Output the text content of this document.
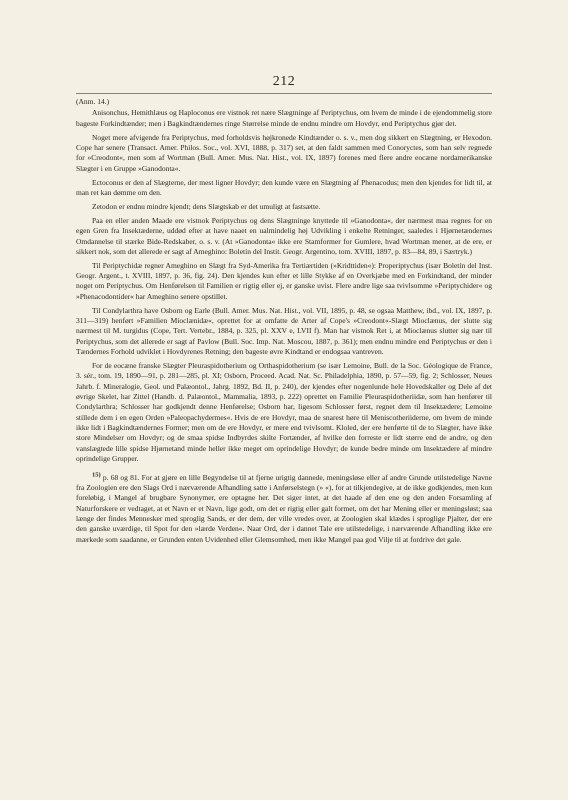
212

(Anm. 14.)

Anisonchus, Hemithlæus og Haploconus ere vistnok ret nære Slægtninge af Periptychus, om hvem de minde i de ejendommelig store bageste Forkindtænder; men i Bagkindtændernes ringe Størrelse minde de endnu mindre om Hovdyr, end Periptychus gjør det.

Noget mere afvigende fra Periptychus, med forholdsvis højkronede Kindtænder o. s. v., men dog sikkert en Slægtning, er Hexodon. Cope har senere (Transact. Amer. Philos. Soc., vol. XVI, 1888, p. 317) set, at den faldt sammen med Conoryctes, som han selv regnede for »Creodont«, men som af Wortman (Bull. Amer. Mus. Nat. Hist., vol. IX, 1897) forenes med flere andre eocæne nordamerikanske Slægter i en Gruppe »Ganodonta«.

Ectoconus er den af Slægterne, der mest ligner Hovdyr; den kunde være en Slægtning af Phenacodus; men den kjendes for lidt til, at man ret kan dømme om den.

Zetodon er endnu mindre kjendt; dens Slægtskab er det umuligt at fastsætte.

Paa en eller anden Maade ere vistnok Periptychus og dens Slægtninge knyttede til »Ganodonta«, der nærmest maa regnes for en egen Gren fra Insektæderne, uddød efter at have naaet en ualmindelig høj Udvikling i enkelte Retninger, saaledes i Hjørnetændernes Omdannelse til stærke Bide-Redskaber, o. s. v. (At »Ganodonta« ikke ere Stamformer for Gumlere, hvad Wortman mener, at de ere, er sikkert nok, som det allerede er sagt af Ameghino: Boletín del Instit. Geogr. Argentino, tom. XVIII, 1897, p. 83—84, 89, i Særtryk.)

Til Periptychidæ regner Ameghino en Slægt fra Syd-Amerika fra Tertiærtiden (»Kridttiden«): Properiptychus (især Boletín del Inst. Geogr. Argent., t. XVIII, 1897, p. 36, fig. 24). Den kjendes kun efter et lille Stykke af en Overkjæbe med en Forkindtand, der minder noget om Periptychus. Om Henførelsen til Familien er rigtig eller ej, er ganske uvist. Flere andre lige saa tvivlsomme »Periptychider« og »Phenacodontider« har Ameghino senere opstillet.

Til Condylarthra have Osborn og Earle (Bull. Amer. Mus. Nat. Hist., vol. VII, 1895, p. 48, se ogsaa Matthew, ibd., vol. IX, 1897, p. 311—319) henført »Familien Mioclænidæ«, oprettet for at omfatte de Arter af Cope's »Creodont«-Slægt Mioclænus, der slutte sig nærmest til M. turgidus (Cope, Tert. Vertebr., 1884, p. 325, pl. XXV e, LVII f). Man har vistnok Ret i, at Mioclænus slutter sig nær til Periptychus, som det allerede er sagt af Pavlow (Bull. Soc. Imp. Nat. Moscou, 1887, p. 361); men endnu mindre end Periptychus er den i Tændernes Forhold udviklet i Hovdyrenes Retning; den bageste øvre Kindtand er endogsaa vantreven.

For de eocæne franske Slægter Pleuraspidotherium og Orthaspidotherium (se især Lemoine, Bull. de la Soc. Géologique de France, 3. sér., tom. 19, 1890—91, p. 281—285, pl. XI; Osborn, Proceed. Acad. Nat. Sc. Philadelphia, 1890, p. 57—59, fig. 2; Schlosser, Neues Jahrb. f. Mineralogie, Geol. und Palæontol., Jahrg. 1892, Bd. II, p. 240), der kjendes efter nogenlunde hele Hovedskaller og Dele af det øvrige Skelet, har Zittel (Handb. d. Palæontol., Mammalia, 1893, p. 222) oprettet en Familie Pleuraspidotheriidæ, som han henfører til Condylarthra; Schlosser har godkjendt denne Henførelse; Osborn har, ligesom Schlosser først, regnet dem til Insektædere; Lemoine stillede dem i en egen Orden »Paleopachydermes«. Hvis de ere Hovdyr, maa de snarest høre til Meniscotheriiderne, om hvem de minde ikke lidt i Bagkindtændernes Former; men om de ere Hovdyr, er mere end tvivlsomt. Kloled, der ere henførte til de to Slægter, have ikke store Mindelser om Hovdyr; og de smaa spidse Indbyrdes skilte Fortænder, af hvilke den forreste er lidt større end de andre, og den vanslægtede lille spidse Hjørnetand minde heller ikke meget om oprindelige Hovdyr; de kunde bedre minde om Insektædere af mindre oprindelige Grupper.

15) p. 68 og 81. For at gjøre en lille Begyndelse til at fjerne urigtig dannede, meningsløse eller af andre Grunde utilstedelige Navne fra Zoologien ere den Slags Ord i nærværende Afhandling satte i Anførselstegn (» «), for at tilkjendegive, at de ikke godkjendes, men kun foreløbig, i Mangel af brugbare Synonymer, ere optagne her. Det siger intet, at det haade af den ene og den anden Forsamling af Naturforskere er vedtaget, at et Navn er et Navn, lige godt, om det er rigtig eller galt formet, om det har Mening eller er meningsløst; saa længe der findes Mennesker med sproglig Sands, er der dem, der ville vredes over, at Zoologien skal klædes i sproglige Pjalter, der ere den ganske uværdige, til Spot for den »lærde Verden«. Naar Ord, der i dannet Tale ere utilstedelige, i nærværende Afhandling ikke ere mærkede som saadanne, er Grunden enten Uvidenhed eller Glemsomhed, men ikke Mangel paa god Vilje til at fordrive det gale.
